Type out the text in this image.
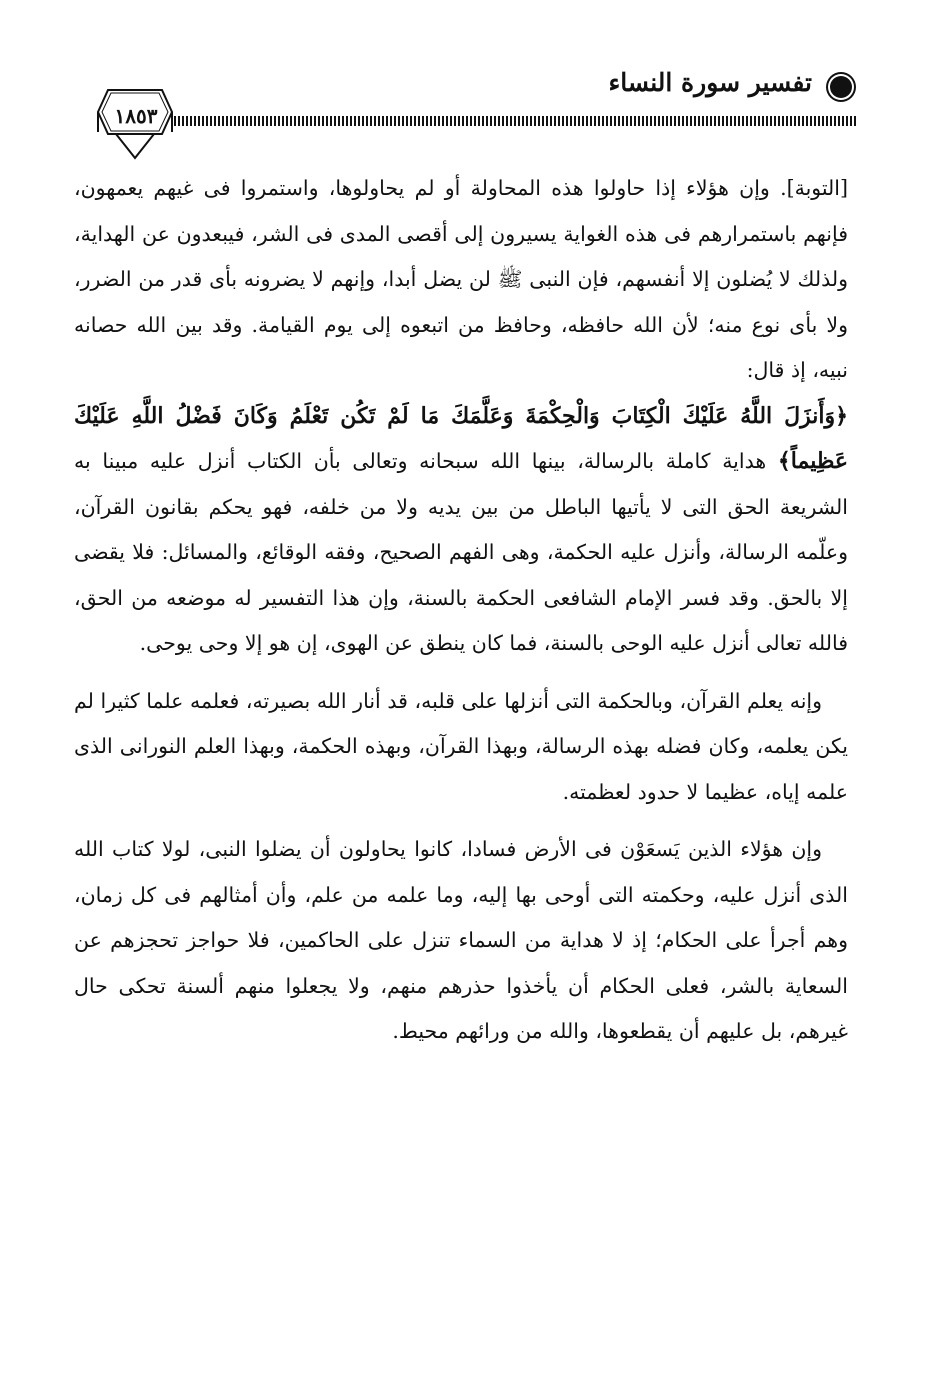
تفسير سورة النساء
١٨٥٣

[التوبة]. وإن هؤلاء إذا حاولوا هذه المحاولة أو لم يحاولوها، واستمروا فى غيهم يعمهون، فإنهم باستمرارهم فى هذه الغواية يسيرون إلى أقصى المدى فى الشر، فيبعدون عن الهداية، ولذلك لا يُضلون إلا أنفسهم، فإن النبى ﷺ لن يضل أبدا، وإنهم لا يضرونه بأى قدر من الضرر، ولا بأى نوع منه؛ لأن الله حافظه، وحافظ من اتبعوه إلى يوم القيامة. وقد بين الله حصانه نبيه، إذ قال:
﴿وَأَنزَلَ اللَّهُ عَلَيْكَ الْكِتَابَ وَالْحِكْمَةَ وَعَلَّمَكَ مَا لَمْ تَكُن تَعْلَمُ وَكَانَ فَضْلُ اللَّهِ عَلَيْكَ عَظِيماً﴾ هداية كاملة بالرسالة، بينها الله سبحانه وتعالى بأن الكتاب أنزل عليه مبينا به الشريعة الحق التى لا يأتيها الباطل من بين يديه ولا من خلفه، فهو يحكم بقانون القرآن، وعلّمه الرسالة، وأنزل عليه الحكمة، وهى الفهم الصحيح، وفقه الوقائع، والمسائل: فلا يقضى إلا بالحق. وقد فسر الإمام الشافعى الحكمة بالسنة، وإن هذا التفسير له موضعه من الحق، فالله تعالى أنزل عليه الوحى بالسنة، فما كان ينطق عن الهوى، إن هو إلا وحى يوحى.

وإنه يعلم القرآن، وبالحكمة التى أنزلها على قلبه، قد أنار الله بصيرته، فعلمه علما كثيرا لم يكن يعلمه، وكان فضله بهذه الرسالة، وبهذا القرآن، وبهذه الحكمة، وبهذا العلم النورانى الذى علمه إياه، عظيما لا حدود لعظمته.

وإن هؤلاء الذين يَسعَوْن فى الأرض فسادا، كانوا يحاولون أن يضلوا النبى، لولا كتاب الله الذى أنزل عليه، وحكمته التى أوحى بها إليه، وما علمه من علم، وأن أمثالهم فى كل زمان، وهم أجرأ على الحكام؛ إذ لا هداية من السماء تنزل على الحاكمين، فلا حواجز تحجزهم عن السعاية بالشر، فعلى الحكام أن يأخذوا حذرهم منهم، ولا يجعلوا منهم ألسنة تحكى حال غيرهم، بل عليهم أن يقطعوها، والله من ورائهم محيط.
